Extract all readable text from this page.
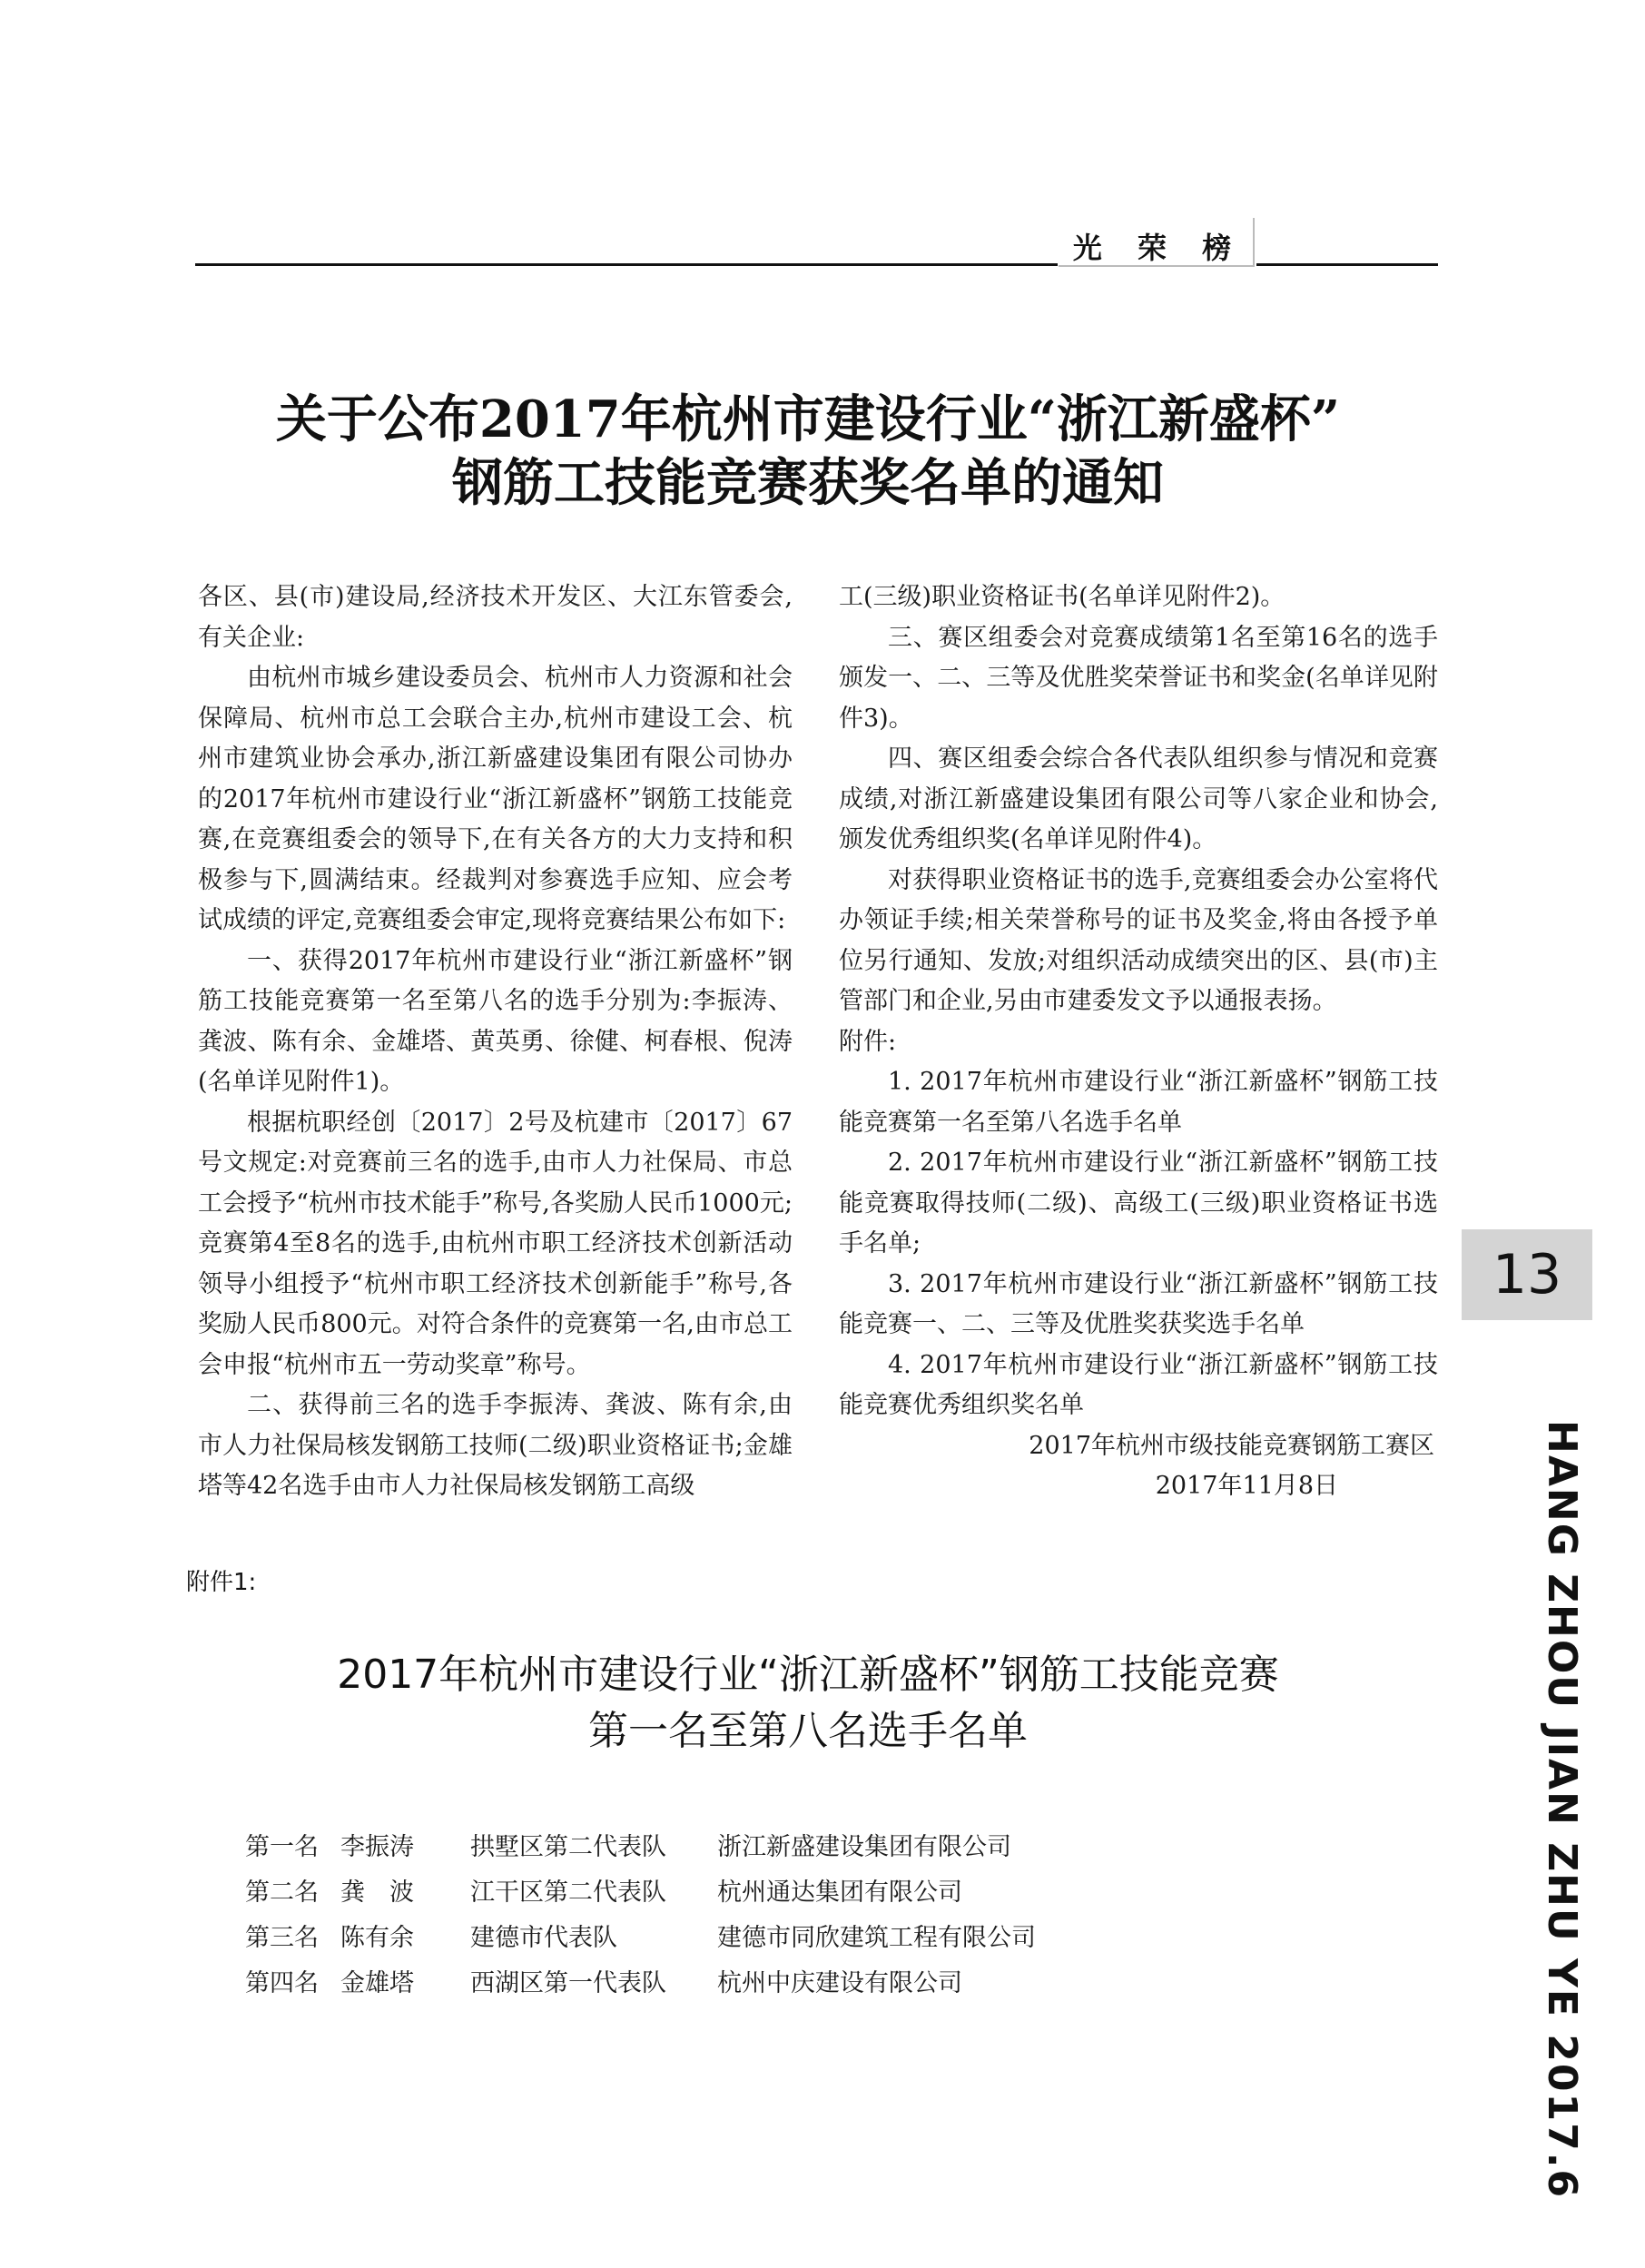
光 荣 榜
关于公布2017年杭州市建设行业“浙江新盛杯”
钢筋工技能竞赛获奖名单的通知

各区、县(市)建设局,经济技术开发区、大江东管委会,有关企业:

由杭州市城乡建设委员会、杭州市人力资源和社会保障局、杭州市总工会联合主办,杭州市建设工会、杭州市建筑业协会承办,浙江新盛建设集团有限公司协办的2017年杭州市建设行业“浙江新盛杯”钢筋工技能竞赛,在竞赛组委会的领导下,在有关各方的大力支持和积极参与下,圆满结束。经裁判对参赛选手应知、应会考试成绩的评定,竞赛组委会审定,现将竞赛结果公布如下:

一、获得2017年杭州市建设行业“浙江新盛杯”钢筋工技能竞赛第一名至第八名的选手分别为:李振涛、龚波、陈有余、金雄塔、黄英勇、徐健、柯春根、倪涛(名单详见附件1)。

根据杭职经创〔2017〕2号及杭建市〔2017〕67号文规定:对竞赛前三名的选手,由市人力社保局、市总工会授予“杭州市技术能手”称号,各奖励人民币1000元;竞赛第4至8名的选手,由杭州市职工经济技术创新活动领导小组授予“杭州市职工经济技术创新能手”称号,各奖励人民币800元。对符合条件的竞赛第一名,由市总工会申报“杭州市五一劳动奖章”称号。

二、获得前三名的选手李振涛、龚波、陈有余,由市人力社保局核发钢筋工技师(二级)职业资格证书;金雄塔等42名选手由市人力社保局核发钢筋工高级

工(三级)职业资格证书(名单详见附件2)。

三、赛区组委会对竞赛成绩第1名至第16名的选手颁发一、二、三等及优胜奖荣誉证书和奖金(名单详见附件3)。

四、赛区组委会综合各代表队组织参与情况和竞赛成绩,对浙江新盛建设集团有限公司等八家企业和协会,颁发优秀组织奖(名单详见附件4)。

对获得职业资格证书的选手,竞赛组委会办公室将代办领证手续;相关荣誉称号的证书及奖金,将由各授予单位另行通知、发放;对组织活动成绩突出的区、县(市)主管部门和企业,另由市建委发文予以通报表扬。

附件:

1. 2017年杭州市建设行业“浙江新盛杯”钢筋工技能竞赛第一名至第八名选手名单

2. 2017年杭州市建设行业“浙江新盛杯”钢筋工技能竞赛取得技师(二级)、高级工(三级)职业资格证书选手名单;

3. 2017年杭州市建设行业“浙江新盛杯”钢筋工技能竞赛一、二、三等及优胜奖获奖选手名单

4. 2017年杭州市建设行业“浙江新盛杯”钢筋工技能竞赛优秀组织奖名单

2017年杭州市级技能竞赛钢筋工赛区

2017年11月8日

13
HANG ZHOU JIAN ZHU YE 2017.6
附件1:
2017年杭州市建设行业“浙江新盛杯”钢筋工技能竞赛
第一名至第八名选手名单
第一名 李振涛 拱墅区第二代表队 浙江新盛建设集团有限公司
第二名 龚　波 江干区第二代表队 杭州通达集团有限公司
第三名 陈有余 建德市代表队	建德市同欣建筑工程有限公司
第四名 金雄塔 西湖区第一代表队 杭州中庆建设有限公司
